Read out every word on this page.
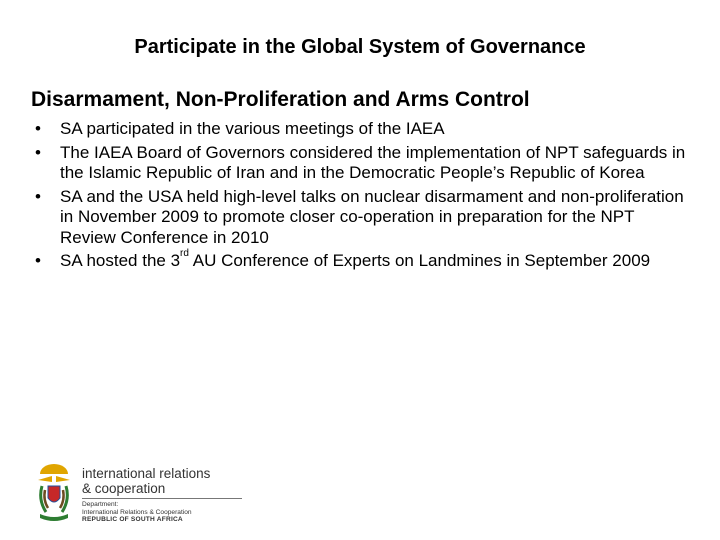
Participate in the Global System of Governance
Disarmament, Non-Proliferation and Arms Control
• SA participated in the various meetings of the IAEA
• The IAEA Board of Governors considered the implementation of NPT safeguards in the Islamic Republic of Iran and in the Democratic People’s Republic of Korea
• SA and the USA held high-level talks on nuclear disarmament and non-proliferation in November 2009 to promote closer co-operation in preparation for the NPT Review Conference in 2010
• SA hosted the 3rd AU Conference of Experts on Landmines in September 2009
international relations
& cooperation
Department:
International Relations & Cooperation
REPUBLIC OF SOUTH AFRICA
